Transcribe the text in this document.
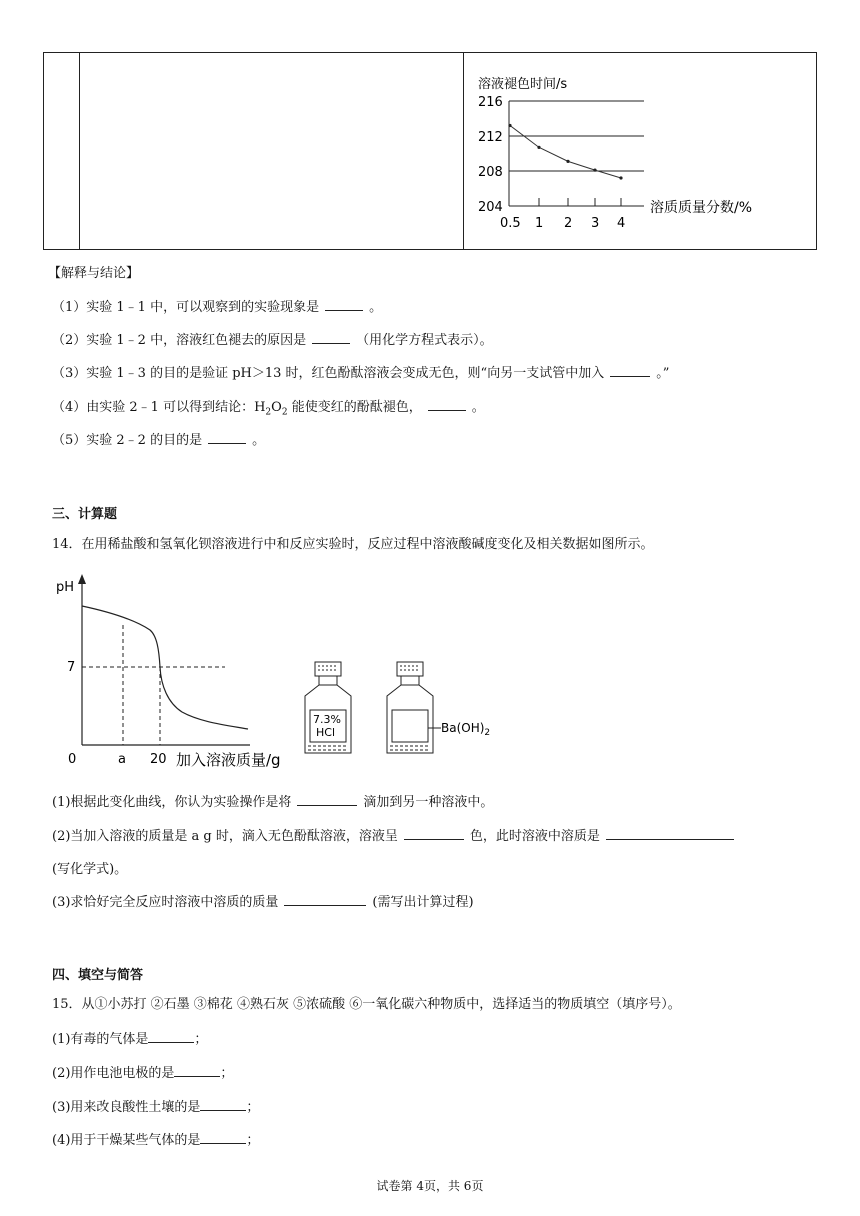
溶液褪色时间/s
216
212
208
204
0.5 1 2 3 4
溶质质量分数/%
【解释与结论】
（1）实验 1﹣1 中，可以观察到的实验现象是	。
（2）实验 1﹣2 中，溶液红色褪去的原因是	（用化学方程式表示）。
（3）实验 1﹣3 的目的是验证 pH＞13 时，红色酚酞溶液会变成无色，则“向另一支试管中加入	。”
（4）由实验 2﹣1 可以得到结论：$H_2O_2$ 能使变红的酚酞褪色，	。
（5）实验 2﹣2 的目的是	。
三、计算题
14．在用稀盐酸和氢氧化钡溶液进行中和反应实验时，反应过程中溶液酸碱度变化及相关数据如图所示。
pH
7
0	a 20 加入溶液质量/g
7.3%
HCl	$Ba(OH)_2$
(1)根据此变化曲线，你认为实验操作是将	滴加到另一种溶液中。
(2)当加入溶液的质量是 a g 时，滴入无色酚酞溶液，溶液呈	色，此时溶液中溶质是
(写化学式)。
(3)求恰好完全反应时溶液中溶质的质量	(需写出计算过程)
四、填空与简答
15．从①小苏打 ②石墨 ③棉花 ④熟石灰 ⑤浓硫酸 ⑥一氧化碳六种物质中，选择适当的物质填空（填序号）。
(1)有毒的气体是	；
(2)用作电池电极的是	；
(3)用来改良酸性土壤的是	；
(4)用于干燥某些气体的是	；
试卷第 4页，共 6页
